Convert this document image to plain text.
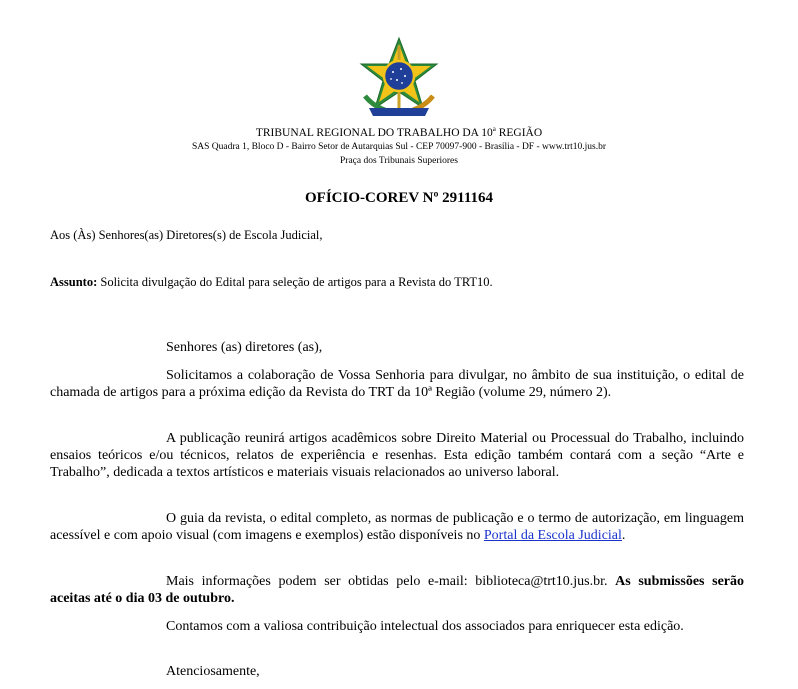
TRIBUNAL REGIONAL DO TRABALHO DA 10$^a$ REGIÃO
SAS Quadra 1, Bloco D - Bairro Setor de Autarquias Sul - CEP 70097-900 - Brasília - DF - www.trt10.jus.br
Praça dos Tribunais Superiores
OFÍCIO-COREV Nº 2911164
Aos (Às) Senhores(as) Diretores(s) de Escola Judicial,
Assunto: Solicita divulgação do Edital para seleção de artigos para a Revista do TRT10.
Senhores (as) diretores (as),
Solicitamos a colaboração de Vossa Senhoria para divulgar, no âmbito de sua instituição, o edital de chamada de artigos para a próxima edição da Revista do TRT da 10ª Região (volume 29, número 2).
A publicação reunirá artigos acadêmicos sobre Direito Material ou Processual do Trabalho, incluindo ensaios teóricos e/ou técnicos, relatos de experiência e resenhas. Esta edição também contará com a seção “Arte e Trabalho”, dedicada a textos artísticos e materiais visuais relacionados ao universo laboral.
O guia da revista, o edital completo, as normas de publicação e o termo de autorização, em linguagem acessível e com apoio visual (com imagens e exemplos) estão disponíveis no Portal da Escola Judicial.
Mais informações podem ser obtidas pelo e-mail: biblioteca@trt10.jus.br. As submissões serão aceitas até o dia 03 de outubro.
Contamos com a valiosa contribuição intelectual dos associados para enriquecer esta edição.
Atenciosamente,
